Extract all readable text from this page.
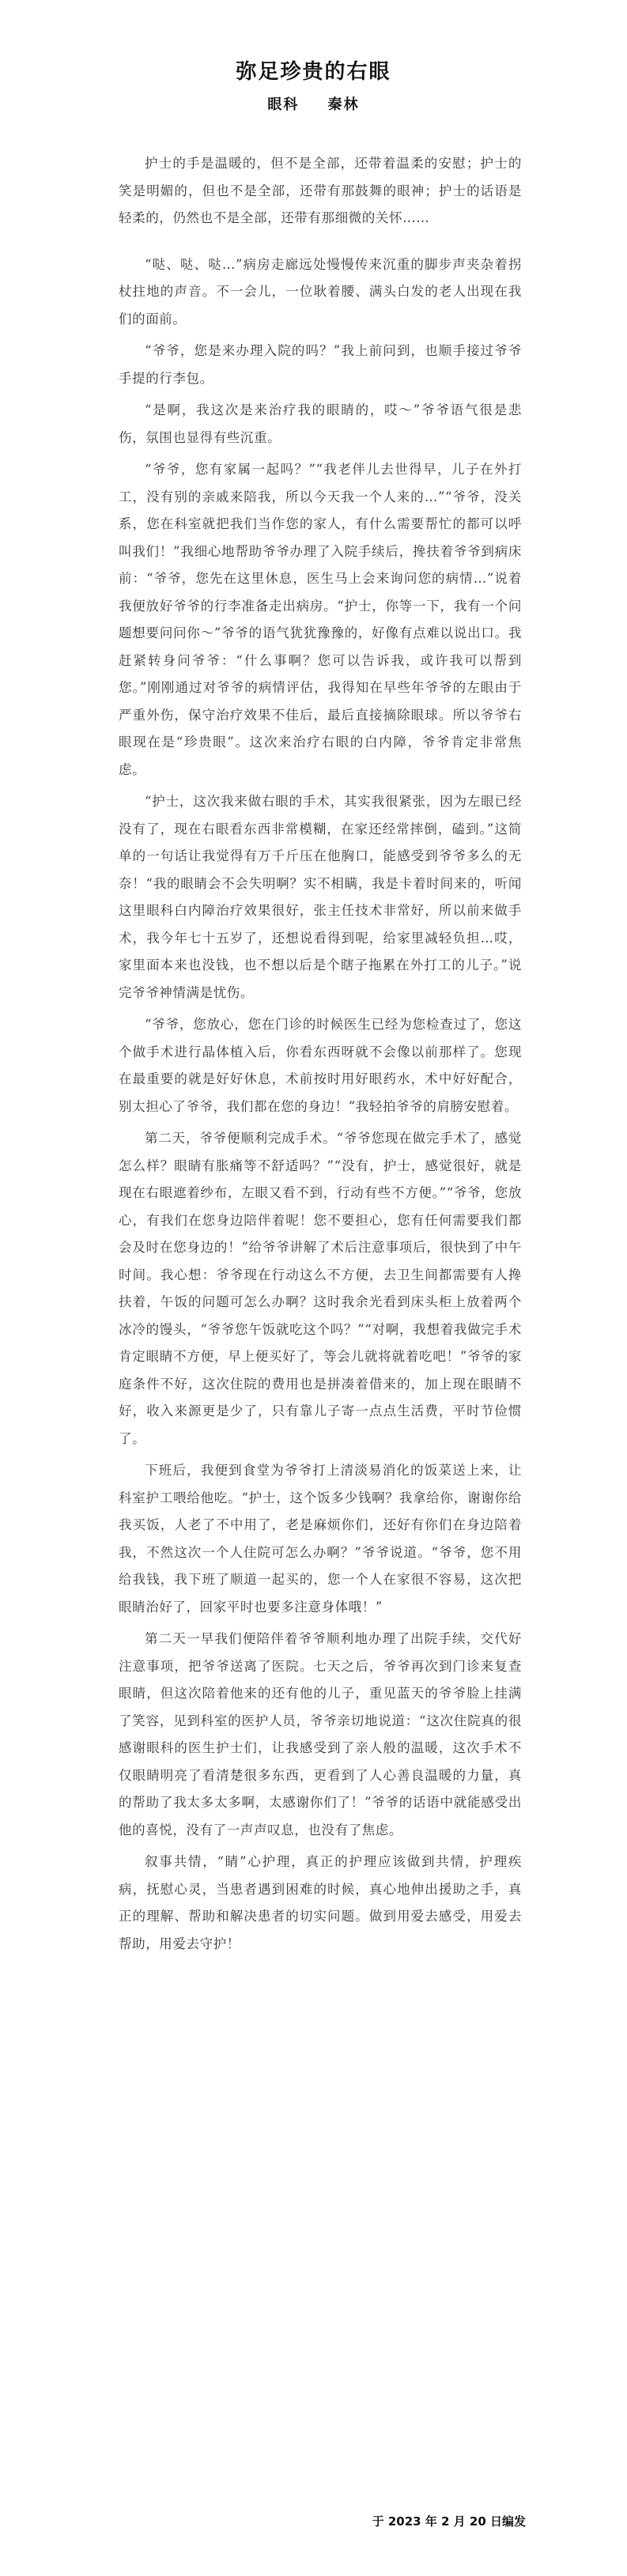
弥足珍贵的右眼
眼科 秦林

护士的手是温暖的，但不是全部，还带着温柔的安慰；护士的笑是明媚的，但也不是全部，还带有那鼓舞的眼神；护士的话语是轻柔的，仍然也不是全部，还带有那细微的关怀……

“哒、哒、哒…”病房走廊远处慢慢传来沉重的脚步声夹杂着拐杖拄地的声音。不一会儿，一位耿着腰、满头白发的老人出现在我们的面前。

“爷爷，您是来办理入院的吗？”我上前问到，也顺手接过爷爷手提的行李包。

“是啊，我这次是来治疗我的眼睛的，哎～”爷爷语气很是悲伤，氛围也显得有些沉重。

“爷爷，您有家属一起吗？”“我老伴儿去世得早，儿子在外打工，没有别的亲戚来陪我，所以今天我一个人来的…”“爷爷，没关系，您在科室就把我们当作您的家人，有什么需要帮忙的都可以呼叫我们！”我细心地帮助爷爷办理了入院手续后，搀扶着爷爷到病床前：“爷爷，您先在这里休息，医生马上会来询问您的病情…”说着我便放好爷爷的行李准备走出病房。“护士，你等一下，我有一个问题想要问问你～”爷爷的语气犹犹豫豫的，好像有点难以说出口。我赶紧转身问爷爷：“什么事啊？您可以告诉我，或许我可以帮到您。”刚刚通过对爷爷的病情评估，我得知在早些年爷爷的左眼由于严重外伤，保守治疗效果不佳后，最后直接摘除眼球。所以爷爷右眼现在是“珍贵眼”。这次来治疗右眼的白内障，爷爷肯定非常焦虑。

“护士，这次我来做右眼的手术，其实我很紧张，因为左眼已经没有了，现在右眼看东西非常模糊，在家还经常摔倒，磕到。”这简单的一句话让我觉得有万千斤压在他胸口，能感受到爷爷多么的无奈！“我的眼睛会不会失明啊？实不相瞒，我是卡着时间来的，听闻这里眼科白内障治疗效果很好，张主任技术非常好，所以前来做手术，我今年七十五岁了，还想说看得到呢，给家里减轻负担…哎，家里面本来也没钱，也不想以后是个瞎子拖累在外打工的儿子。”说完爷爷神情满是忧伤。

“爷爷，您放心，您在门诊的时候医生已经为您检查过了，您这个做手术进行晶体植入后，你看东西呀就不会像以前那样了。您现在最重要的就是好好休息，术前按时用好眼药水，术中好好配合，别太担心了爷爷，我们都在您的身边！”我轻拍爷爷的肩膀安慰着。

第二天，爷爷便顺利完成手术。“爷爷您现在做完手术了，感觉怎么样？眼睛有胀痛等不舒适吗？”“没有，护士，感觉很好，就是现在右眼遮着纱布，左眼又看不到，行动有些不方便。”“爷爷，您放心，有我们在您身边陪伴着呢！您不要担心，您有任何需要我们都会及时在您身边的！”给爷爷讲解了术后注意事项后，很快到了中午时间。我心想：爷爷现在行动这么不方便，去卫生间都需要有人搀扶着，午饭的问题可怎么办啊？这时我余光看到床头柜上放着两个冰冷的馒头，“爷爷您午饭就吃这个吗？”“对啊，我想着我做完手术肯定眼睛不方便，早上便买好了，等会儿就将就着吃吧！”爷爷的家庭条件不好，这次住院的费用也是拼凑着借来的，加上现在眼睛不好，收入来源更是少了，只有靠儿子寄一点点生活费，平时节俭惯了。

下班后，我便到食堂为爷爷打上清淡易消化的饭菜送上来，让科室护工喂给他吃。“护士，这个饭多少钱啊？我拿给你，谢谢你给我买饭，人老了不中用了，老是麻烦你们，还好有你们在身边陪着我，不然这次一个人住院可怎么办啊？”爷爷说道。“爷爷，您不用给我钱，我下班了顺道一起买的，您一个人在家很不容易，这次把眼睛治好了，回家平时也要多注意身体哦！”

第二天一早我们便陪伴着爷爷顺利地办理了出院手续，交代好注意事项，把爷爷送离了医院。七天之后，爷爷再次到门诊来复查眼睛，但这次陪着他来的还有他的儿子，重见蓝天的爷爷脸上挂满了笑容，见到科室的医护人员，爷爷亲切地说道：“这次住院真的很感谢眼科的医生护士们，让我感受到了亲人般的温暖，这次手术不仅眼睛明亮了看清楚很多东西，更看到了人心善良温暖的力量，真的帮助了我太多太多啊，太感谢你们了！”爷爷的话语中就能感受出他的喜悦，没有了一声声叹息，也没有了焦虑。

叙事共情，“睛”心护理，真正的护理应该做到共情，护理疾病，抚慰心灵，当患者遇到困难的时候，真心地伸出援助之手，真正的理解、帮助和解决患者的切实问题。做到用爱去感受，用爱去帮助，用爱去守护！

于 2023 年 2 月 20 日编发
